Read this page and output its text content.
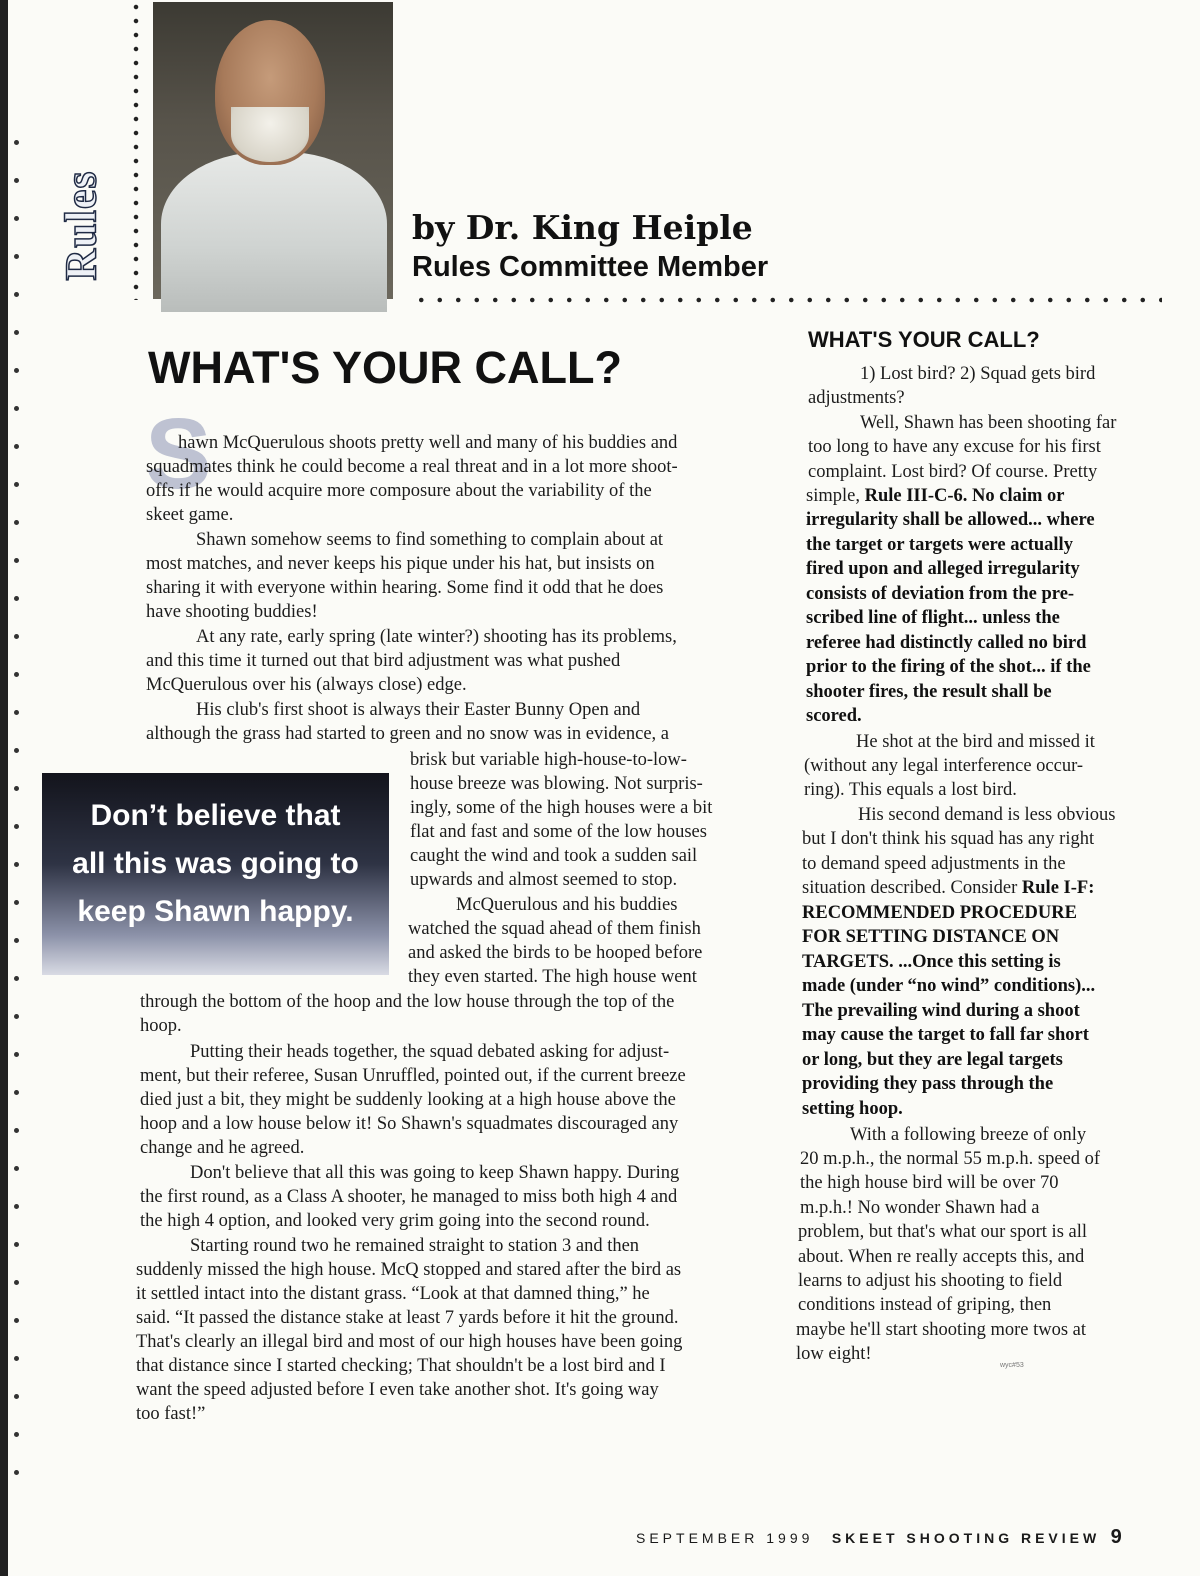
Rules	by Dr. King Heiple
Rules Committee Member
WHAT'S YOUR CALL?
S
hawn McQuerulous shoots pretty well and many of his buddies and
squadmates think he could become a real threat and in a lot more shoot-
offs if he would acquire more composure about the variability of the
skeet game.
Shawn somehow seems to find something to complain about at
most matches, and never keeps his pique under his hat, but insists on
sharing it with everyone within hearing. Some find it odd that he does
have shooting buddies!
At any rate, early spring (late winter?) shooting has its problems,
and this time it turned out that bird adjustment was what pushed
McQuerulous over his (always close) edge.
His club's first shoot is always their Easter Bunny Open and
although the grass had started to green and no snow was in evidence, a
brisk but variable high-house-to-low-
house breeze was blowing. Not surpris-
ingly, some of the high houses were a bit
flat and fast and some of the low houses
caught the wind and took a sudden sail
upwards and almost seemed to stop.
McQuerulous and his buddies
watched the squad ahead of them finish
and asked the birds to be hooped before
they even started. The high house went
through the bottom of the hoop and the low house through the top of the
hoop.
Putting their heads together, the squad debated asking for adjust-
ment, but their referee, Susan Unruffled, pointed out, if the current breeze
died just a bit, they might be suddenly looking at a high house above the
hoop and a low house below it! So Shawn's squadmates discouraged any
change and he agreed.
Don't believe that all this was going to keep Shawn happy. During
the first round, as a Class A shooter, he managed to miss both high 4 and
the high 4 option, and looked very grim going into the second round.
Starting round two he remained straight to station 3 and then
suddenly missed the high house. McQ stopped and stared after the bird as
it settled intact into the distant grass. “Look at that damned thing,” he
said. “It passed the distance stake at least 7 yards before it hit the ground.
That's clearly an illegal bird and most of our high houses have been going
that distance since I started checking; That shouldn't be a lost bird and I
want the speed adjusted before I even take another shot. It's going way
too fast!”
Don’t believe that
all this was going to
keep Shawn happy.
WHAT'S YOUR CALL?
1) Lost bird? 2) Squad gets bird
adjustments?
Well, Shawn has been shooting far
too long to have any excuse for his first
complaint. Lost bird? Of course. Pretty
simple, Rule III-C-6. No claim or
irregularity shall be allowed... where
the target or targets were actually
fired upon and alleged irregularity
consists of deviation from the pre-
scribed line of flight... unless the
referee had distinctly called no bird
prior to the firing of the shot... if the
shooter fires, the result shall be
scored.
He shot at the bird and missed it
(without any legal interference occur-
ring). This equals a lost bird.
His second demand is less obvious
but I don't think his squad has any right
to demand speed adjustments in the
situation described. Consider Rule I-F:
RECOMMENDED PROCEDURE
FOR SETTING DISTANCE ON
TARGETS. ...Once this setting is
made (under “no wind” conditions)...
The prevailing wind during a shoot
may cause the target to fall far short
or long, but they are legal targets
providing they pass through the
setting hoop.
With a following breeze of only
20 m.p.h., the normal 55 m.p.h. speed of
the high house bird will be over 70
m.p.h.! No wonder Shawn had a
problem, but that's what our sport is all
about. When re really accepts this, and
learns to adjust his shooting to field
conditions instead of griping, then
maybe he'll start shooting more twos at
low eight!
wyc#53
SEPTEMBER 1999 SKEET SHOOTING REVIEW 9
